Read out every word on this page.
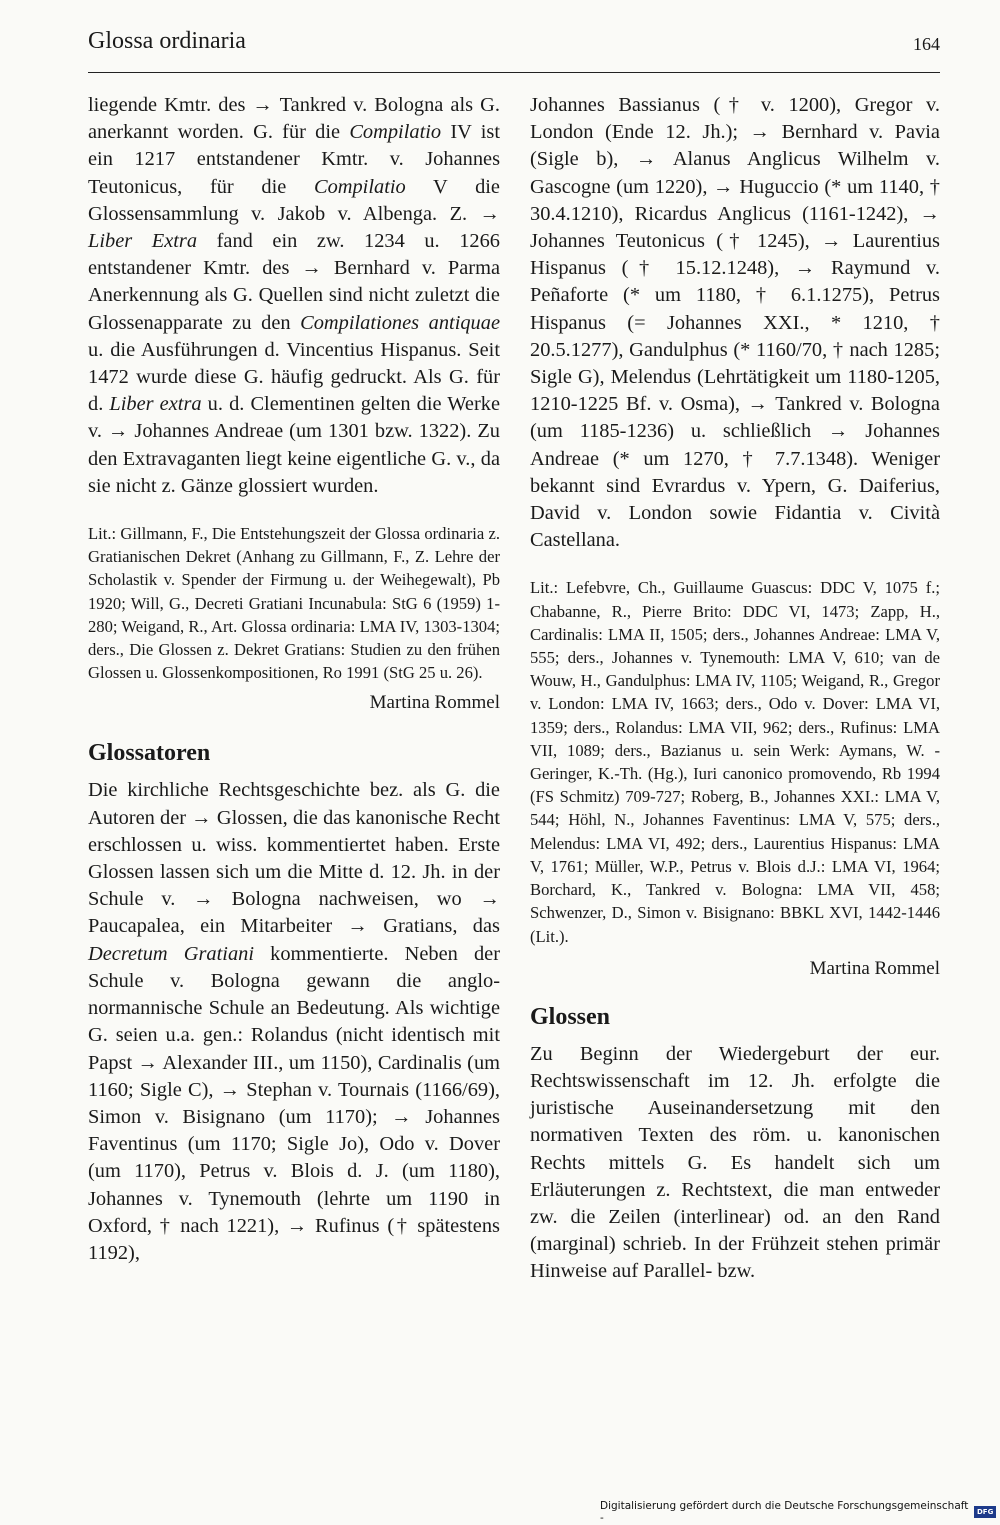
Glossa ordinaria	164

liegende Kmtr. des → Tankred v. Bologna als G. anerkannt worden. G. für die Compilatio IV ist ein 1217 entstandener Kmtr. v. Johannes Teutonicus, für die Compilatio V die Glossensammlung v. Jakob v. Albenga. Z. → Liber Extra fand ein zw. 1234 u. 1266 entstandener Kmtr. des → Bernhard v. Parma Anerkennung als G. Quellen sind nicht zuletzt die Glossenapparate zu den Compilationes antiquae u. die Ausführungen d. Vincentius Hispanus. Seit 1472 wurde diese G. häufig gedruckt. Als G. für d. Liber extra u. d. Clementinen gelten die Werke v. → Johannes Andreae (um 1301 bzw. 1322). Zu den Extravaganten liegt keine eigentliche G. v., da sie nicht z. Gänze glossiert wurden.

Lit.: Gillmann, F., Die Entstehungszeit der Glossa ordinaria z. Gratianischen Dekret (Anhang zu Gillmann, F., Z. Lehre der Scholastik v. Spender der Firmung u. der Weihegewalt), Pb 1920; Will, G., Decreti Gratiani Incunabula: StG 6 (1959) 1-280; Weigand, R., Art. Glossa ordinaria: LMA IV, 1303-1304; ders., Die Glossen z. Dekret Gratians: Studien zu den frühen Glossen u. Glossenkompositionen, Ro 1991 (StG 25 u. 26).

Martina Rommel

Glossatoren

Die kirchliche Rechtsgeschichte bez. als G. die Autoren der → Glossen, die das kanonische Recht erschlossen u. wiss. kommentiertet haben. Erste Glossen lassen sich um die Mitte d. 12. Jh. in der Schule v. → Bologna nachweisen, wo → Paucapalea, ein Mitarbeiter → Gratians, das Decretum Gratiani kommentierte. Neben der Schule v. Bologna gewann die anglo-normannische Schule an Bedeutung. Als wichtige G. seien u.a. gen.: Rolandus (nicht identisch mit Papst → Alexander III., um 1150), Cardinalis (um 1160; Sigle C), → Stephan v. Tournais (1166/69), Simon v. Bisignano (um 1170); → Johannes Faventinus (um 1170; Sigle Jo), Odo v. Dover (um 1170), Petrus v. Blois d. J. (um 1180), Johannes v. Tynemouth (lehrte um 1190 in Oxford, † nach 1221), → Rufinus († spätestens 1192),

Johannes Bassianus († v. 1200), Gregor v. London (Ende 12. Jh.); → Bernhard v. Pavia (Sigle b), → Alanus Anglicus Wilhelm v. Gascogne (um 1220), → Huguccio (* um 1140, † 30.4.1210), Ricardus Anglicus (1161-1242), → Johannes Teutonicus († 1245), → Laurentius Hispanus († 15.12.1248), → Raymund v. Peñaforte (* um 1180, † 6.1.1275), Petrus Hispanus (= Johannes XXI., * 1210, † 20.5.1277), Gandulphus (* 1160/70, † nach 1285; Sigle G), Melendus (Lehrtätigkeit um 1180-1205, 1210-1225 Bf. v. Osma), → Tankred v. Bologna (um 1185-1236) u. schließlich → Johannes Andreae (* um 1270, † 7.7.1348). Weniger bekannt sind Evrardus v. Ypern, G. Daiferius, David v. London sowie Fidantia v. Cività Castellana.

Lit.: Lefebvre, Ch., Guillaume Guascus: DDC V, 1075 f.; Chabanne, R., Pierre Brito: DDC VI, 1473; Zapp, H., Cardinalis: LMA II, 1505; ders., Johannes Andreae: LMA V, 555; ders., Johannes v. Tynemouth: LMA V, 610; van de Wouw, H., Gandulphus: LMA IV, 1105; Weigand, R., Gregor v. London: LMA IV, 1663; ders., Odo v. Dover: LMA VI, 1359; ders., Rolandus: LMA VII, 962; ders., Rufinus: LMA VII, 1089; ders., Bazianus u. sein Werk: Aymans, W. - Geringer, K.-Th. (Hg.), Iuri canonico promovendo, Rb 1994 (FS Schmitz) 709-727; Roberg, B., Johannes XXI.: LMA V, 544; Höhl, N., Johannes Faventinus: LMA V, 575; ders., Melendus: LMA VI, 492; ders., Laurentius Hispanus: LMA V, 1761; Müller, W.P., Petrus v. Blois d.J.: LMA VI, 1964; Borchard, K., Tankred v. Bologna: LMA VII, 458; Schwenzer, D., Simon v. Bisignano: BBKL XVI, 1442-1446 (Lit.).

Martina Rommel

Glossen

Zu Beginn der Wiedergeburt der eur. Rechtswissenschaft im 12. Jh. erfolgte die juristische Auseinandersetzung mit den normativen Texten des röm. u. kanonischen Rechts mittels G. Es handelt sich um Erläuterungen z. Rechtstext, die man entweder zw. die Zeilen (interlinear) od. an den Rand (marginal) schrieb. In der Frühzeit stehen primär Hinweise auf Parallel- bzw.

Digitalisierung gefördert durch die Deutsche Forschungsgemeinschaft -	DFG
